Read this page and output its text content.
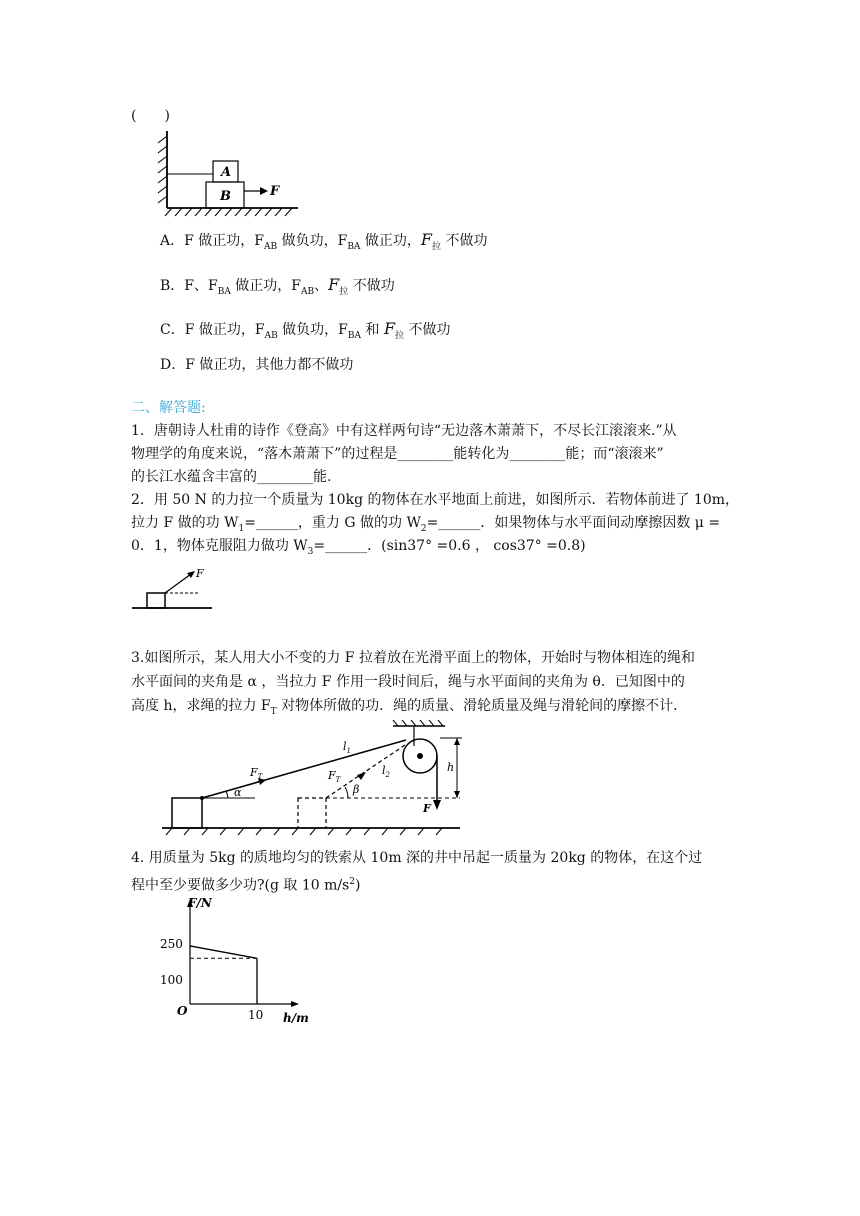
(　　)
A
B	F
A．F 做正功，$F_{AB}$ 做负功，$F_{BA}$ 做正功，$F_拉$ 不做功
B．F、$F_{BA}$ 做正功，$F_{AB}$、$F_拉$ 不做功
C．F 做正功，$F_{AB}$ 做负功，$F_{BA}$ 和 $F_拉$ 不做功
D．F 做正功，其他力都不做功
二、解答题:
1．唐朝诗人杜甫的诗作《登高》中有这样两句诗“无边落木萧萧下，不尽长江滚滚来.”从
物理学的角度来说，“落木萧萧下”的过程是________能转化为________能；而“滚滚来”
的长江水蕴含丰富的________能.
2．用 50 N 的力拉一个质量为 10kg 的物体在水平地面上前进，如图所示．若物体前进了 10m，
拉力 F 做的功 $W_1=\_\_\_\_\_\_$，重力 G 做的功 $W_2=\_\_\_\_\_\_$．如果物体与水平面间动摩擦因数 μ =
0．1，物体克服阻力做功 $W_3=\_\_\_\_\_\_$．(sin37° =0.6 ， cos37° =0.8)
F
3.如图所示，某人用大小不变的力 F 拉着放在光滑平面上的物体，开始时与物体相连的绳和
水平面间的夹角是 α ，当拉力 F 作用一段时间后，绳与水平面间的夹角为 θ．已知图中的
高度 h，求绳的拉力 $F_T$ 对物体所做的功．绳的质量、滑轮质量及绳与滑轮间的摩擦不计．
$F_T$
α
$l_1$
$F_T$
β
$l_2$
F
h
4. 用质量为 5kg 的质地均匀的铁索从 10m 深的井中吊起一质量为 20kg 的物体，在这个过
程中至少要做多少功?(g 取 10 $m/s^2$)
F/N
h/m
O
250
100
10
